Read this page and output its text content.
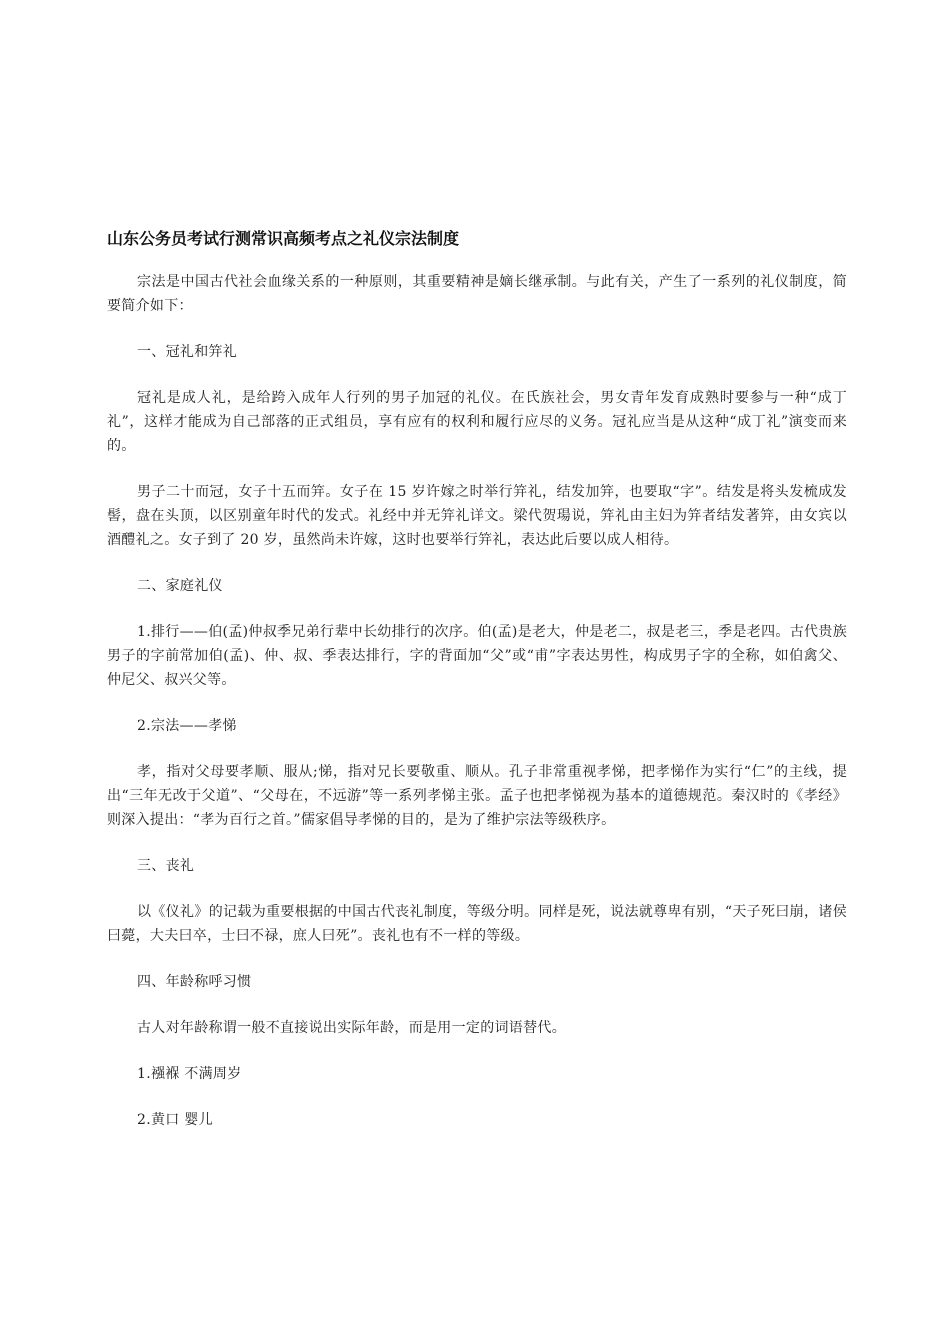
山东公务员考试行测常识高频考点之礼仪宗法制度

宗法是中国古代社会血缘关系的一种原则，其重要精神是嫡长继承制。与此有关，产生了一系列的礼仪制度，简要简介如下：

一、冠礼和笄礼

冠礼是成人礼，是给跨入成年人行列的男子加冠的礼仪。在氏族社会，男女青年发育成熟时要参与一种“成丁礼”，这样才能成为自己部落的正式组员，享有应有的权利和履行应尽的义务。冠礼应当是从这种“成丁礼”演变而来的。

男子二十而冠，女子十五而笄。女子在 15 岁许嫁之时举行笄礼，结发加笄，也要取“字”。结发是将头发梳成发髻，盘在头顶，以区别童年时代的发式。礼经中并无笄礼详文。梁代贺瑒说，笄礼由主妇为笄者结发著笄，由女宾以酒醴礼之。女子到了 20 岁，虽然尚未许嫁，这时也要举行笄礼，表达此后要以成人相待。

二、家庭礼仪

1.排行——伯(孟)仲叔季兄弟行辈中长幼排行的次序。伯(孟)是老大，仲是老二，叔是老三，季是老四。古代贵族男子的字前常加伯(孟)、仲、叔、季表达排行，字的背面加“父”或“甫”字表达男性，构成男子字的全称，如伯禽父、仲尼父、叔兴父等。

2.宗法——孝悌

孝，指对父母要孝顺、服从;悌，指对兄长要敬重、顺从。孔子非常重视孝悌，把孝悌作为实行“仁”的主线，提出“三年无改于父道”、“父母在，不远游”等一系列孝悌主张。孟子也把孝悌视为基本的道德规范。秦汉时的《孝经》则深入提出：“孝为百行之首。”儒家倡导孝悌的目的，是为了维护宗法等级秩序。

三、丧礼

以《仪礼》的记载为重要根据的中国古代丧礼制度，等级分明。同样是死，说法就尊卑有别，“天子死曰崩，诸侯曰薨，大夫曰卒，士曰不禄，庶人曰死”。丧礼也有不一样的等级。

四、年龄称呼习惯

古人对年龄称谓一般不直接说出实际年龄，而是用一定的词语替代。

1.襁褓 不满周岁

2.黄口 婴儿
